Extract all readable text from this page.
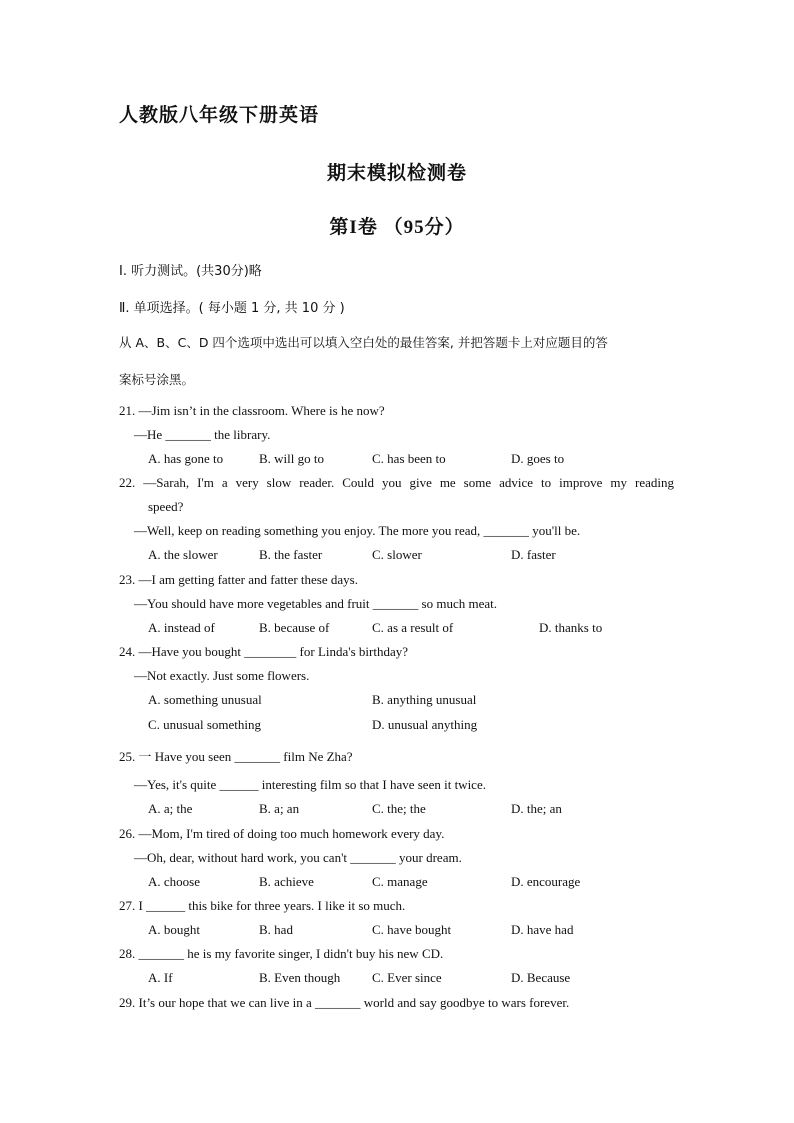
人教版八年级下册英语
期末模拟检测卷
第I卷 （95分）
I. 听力测试。(共30分)略
Ⅱ. 单项选择。( 每小题 1 分, 共 10 分 )
从 A、B、C、D 四个选项中选出可以填入空白处的最佳答案, 并把答题卡上对应题目的答
案标号涂黑。
21. —Jim isn’t in the classroom. Where is he now?
—He _______ the library.
A. has gone to	B. will go to	C. has been to	D. goes to
22. —Sarah, I'm a very slow reader. Could you give me some advice to improve my reading
speed?
—Well, keep on reading something you enjoy. The more you read, _______ you'll be.
A. the slower	B. the faster	C. slower	D. faster
23. —I am getting fatter and fatter these days.
—You should have more vegetables and fruit _______ so much meat.
A. instead of	B. because of	C. as a result of	D. thanks to
24. —Have you bought ________ for Linda's birthday?
—Not exactly. Just some flowers.
A. something unusual	B. anything unusual
C. unusual something	D. unusual anything
25. 一 Have you seen _______ film Ne Zha?
—Yes, it's quite ______ interesting film so that I have seen it twice.
A. a; the	B. a; an	C. the; the	D. the; an
26. —Mom, I'm tired of doing too much homework every day.
—Oh, dear, without hard work, you can't _______ your dream.
A. choose	B. achieve	C. manage	D. encourage
27. I ______ this bike for three years. I like it so much.
A. bought	B. had	C. have bought	D. have had
28. _______ he is my favorite singer, I didn't buy his new CD.
A. If	B. Even though C. Ever since	D. Because
29. It’s our hope that we can live in a _______ world and say goodbye to wars forever.
